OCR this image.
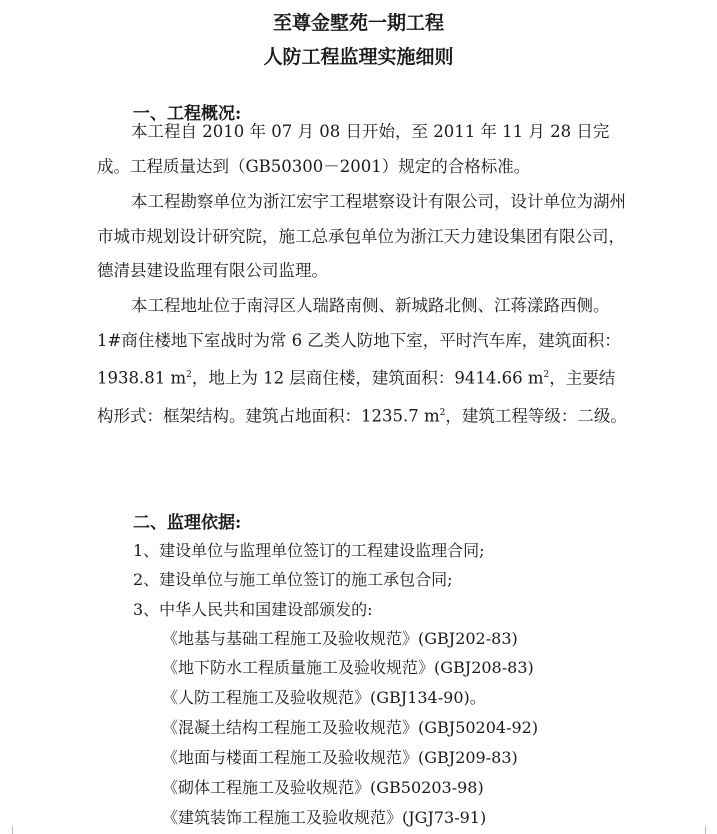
至尊金墅苑一期工程
人防工程监理实施细则
一、工程概况:
本工程自 2010 年 07 月 08 日开始，至 2011 年 11 月 28 日完成。工程质量达到（GB50300－2001）规定的合格标准。
本工程勘察单位为浙江宏宇工程堪察设计有限公司，设计单位为湖州市城市规划设计研究院，施工总承包单位为浙江天力建设集团有限公司，德清县建设监理有限公司监理。
本工程地址位于南浔区人瑞路南侧、新城路北侧、江蒋漾路西侧。1#商住楼地下室战时为常 6 乙类人防地下室，平时汽车库，建筑面积：1938.81 $m^2$，地上为 12 层商住楼，建筑面积：9414.66 $m^2$，主要结构形式：框架结构。建筑占地面积：1235.7 $m^2$，建筑工程等级：二级。
二、监理依据:
1、建设单位与监理单位签订的工程建设监理合同;
2、建设单位与施工单位签订的施工承包合同;
3、中华人民共和国建设部颁发的:
《地基与基础工程施工及验收规范》(GBJ202-83)
《地下防水工程质量施工及验收规范》(GBJ208-83)
《人防工程施工及验收规范》(GBJ134-90)。
《混凝土结构工程施工及验收规范》(GBJ50204-92)
《地面与楼面工程施工及验收规范》(GBJ209-83)
《砌体工程施工及验收规范》(GB50203-98)
《建筑装饰工程施工及验收规范》(JGJ73-91)
